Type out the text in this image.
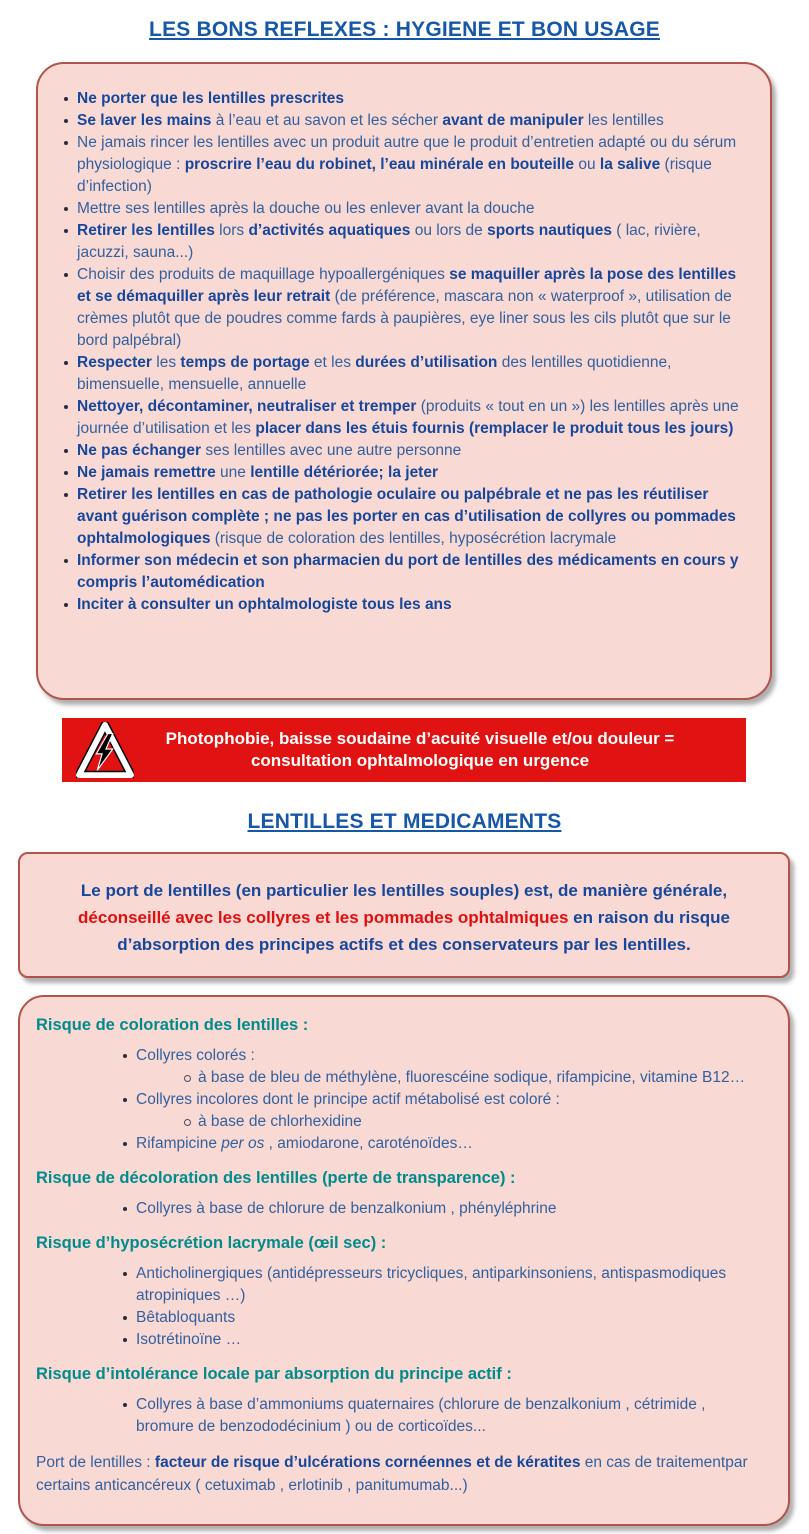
LES BONS REFLEXES : HYGIENE ET BON USAGE
Ne porter que les lentilles prescrites
Se laver les mains à l’eau et au savon et les sécher avant de manipuler les lentilles
Ne jamais rincer les lentilles avec un produit autre que le produit d’entretien adapté ou du sérum physiologique : proscrire l’eau du robinet, l’eau minérale en bouteille ou la salive (risque d’infection)
Mettre ses lentilles après la douche ou les enlever avant la douche
Retirer les lentilles lors d’activités aquatiques ou lors de sports nautiques ( lac, rivière, jacuzzi, sauna...)
Choisir des produits de maquillage hypoallergéniques se maquiller après la pose des lentilles et se démaquiller après leur retrait (de préférence, mascara non « waterproof », utilisation de crèmes plutôt que de poudres comme fards à paupières, eye liner sous les cils plutôt que sur le bord palpébral)
Respecter les temps de portage et les durées d’utilisation des lentilles quotidienne, bimensuelle, mensuelle, annuelle
Nettoyer, décontaminer, neutraliser et tremper (produits « tout en un ») les lentilles après une journée d’utilisation et les placer dans les étuis fournis (remplacer le produit tous les jours)
Ne pas échanger ses lentilles avec une autre personne
Ne jamais remettre une lentille détériorée; la jeter
Retirer les lentilles en cas de pathologie oculaire ou palpébrale et ne pas les réutiliser avant guérison complète ; ne pas les porter en cas d’utilisation de collyres ou pommades ophtalmologiques (risque de coloration des lentilles, hyposécrétion lacrymale
Informer son médecin et son pharmacien du port de lentilles des médicaments en cours y compris l’automédication
Inciter à consulter un ophtalmologiste tous les ans
Photophobie, baisse soudaine d’acuité visuelle et/ou douleur =
consultation ophtalmologique en urgence
LENTILLES ET MEDICAMENTS

Le port de lentilles (en particulier les lentilles souples) est, de manière générale, déconseillé avec les collyres et les pommades ophtalmiques en raison du risque d’absorption des principes actifs et des conservateurs par les lentilles.

Risque de coloration des lentilles :
Collyres colorés :
à base de bleu de méthylène, fluorescéine sodique, rifampicine, vitamine B12…
Collyres incolores dont le principe actif métabolisé est coloré :
à base de chlorhexidine
Rifampicine per os , amiodarone, caroténoïdes…
Risque de décoloration des lentilles (perte de transparence) :
Collyres à base de chlorure de benzalkonium , phényléphrine
Risque d’hyposécrétion lacrymale (œil sec) :
Anticholinergiques (antidépresseurs tricycliques, antiparkinsoniens, antispasmodiques atropiniques …)
Bêtabloquants
Isotrétinoïne …
Risque d’intolérance locale par absorption du principe actif :
Collyres à base d’ammoniums quaternaires (chlorure de benzalkonium , cétrimide , bromure de benzododécinium ) ou de corticoïdes...

Port de lentilles : facteur de risque d’ulcérations cornéennes et de kératites en cas de traitementpar certains anticancéreux ( cetuximab , erlotinib , panitumumab...)
